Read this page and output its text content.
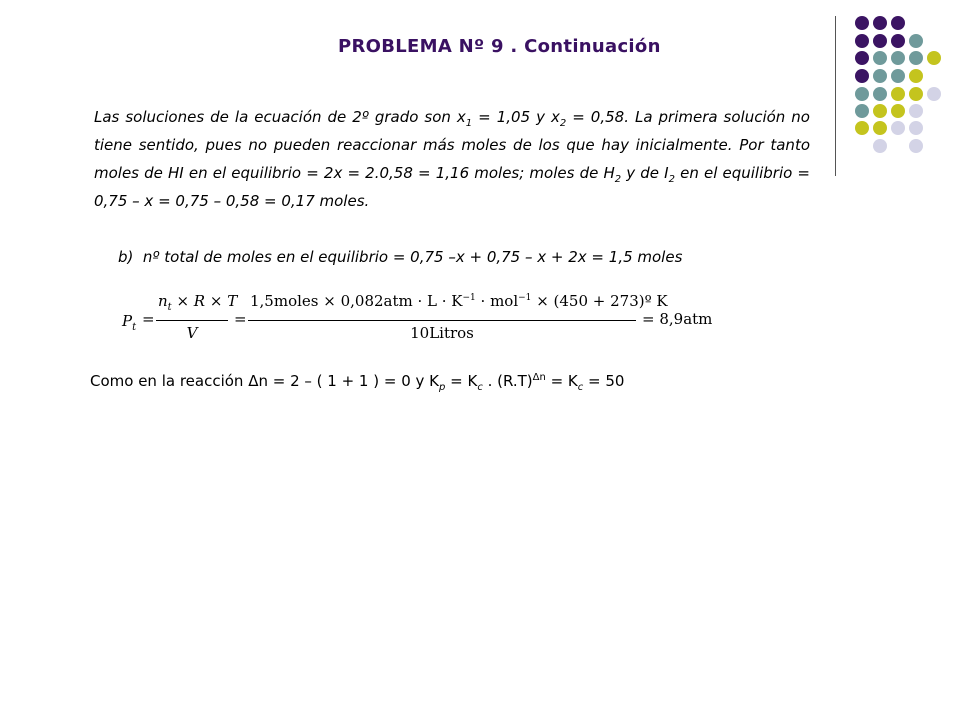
PROBLEMA Nº 9 . Continuación
Las soluciones de la ecuación de 2º grado son $x_1 = 1,05$ y $x_2 = 0,58$. La primera solución no tiene sentido, pues no pueden reaccionar más moles de los que hay inicialmente. Por tanto moles de HI en el equilibrio = 2x = 2.0,58 = 1,16 moles; moles de $H_2$ y de $I_2$ en el equilibrio = 0,75 – x = 0,75 – 0,58 = 0,17 moles.
b) nº total de moles en el equilibrio = 0,75 –x + 0,75 – x + 2x = 1,5 moles
$P_t$ =
$n_t \times R \times T$
V
=
1,5moles × $0,082atm \cdot L \cdot K^{-1} \cdot mol^{-1} \times (450$ + 273)º K
10Litros
= 8,9atm
Como en la reacción Δn = 2 – ( 1 + 1 ) = 0 y $K_p = K_c$ . $(R.T)^{\Delta n} = K_c = 50$
